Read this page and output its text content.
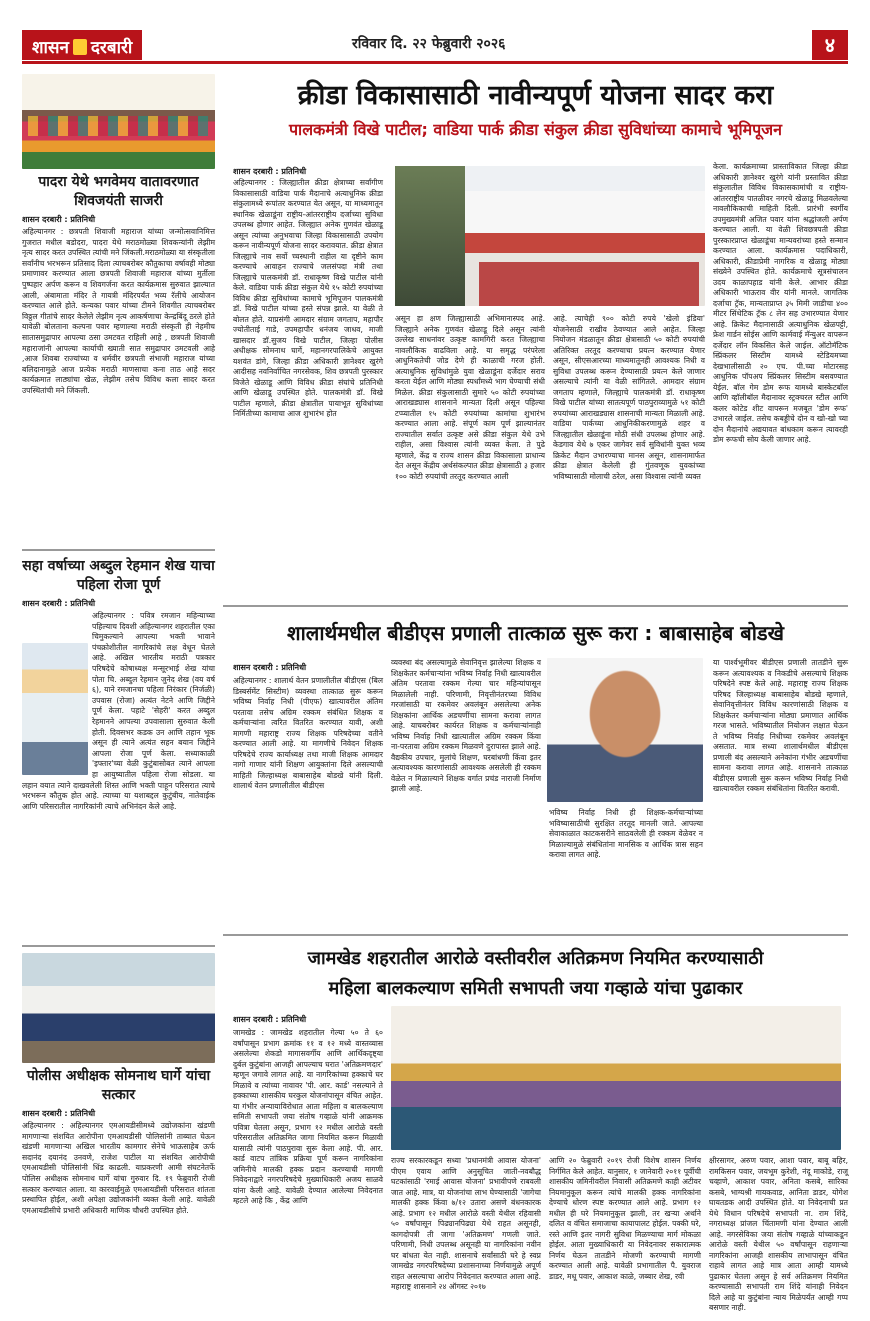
शासन दरबारी	रविवार दि. २२ फेब्रुवारी २०२६	४
पादरा येथे भगवेमय वातावरणात शिवजयंती साजरी
शासन दरबारी : प्रतिनिधी
अहिल्यानगर : छत्रपती शिवाजी महाराज यांच्या जन्मोत्सवानिमित्त गुजरात मधील बडोदरा, पादरा येथे मराठमोळ्या शिवकन्यांनी लेझीम नृत्य सादर करत उपस्थित त्यांची मने जिंकली.मराठमोळ्या या संस्कृतीला सर्वांनीच भरभरून प्रतिसाद दिला त्याचबरोबर कौतुकाचा वर्षावही मोठ्या प्रमाणावर करण्यात आला छत्रपती शिवाजी महाराज यांच्या मुर्तीला पुष्पहार अर्पण करून व शिवगर्जना करत कार्यक्रमास सुरुवात झाल्यात आली, अंबामाता मंदिर ते गायत्री मंदिरपर्यंत भव्य रॅलीचे आयोजन करण्यात आले होते. कन्यका पवार यांच्या टीमने शिवगीत त्याचबरोबर विठ्ठल गीतांचे सादर केलेले लेझीम नृत्य आकर्षणाचा केन्द्रबिंदू ठरले होते यावेळी बोलताना कल्पना पवार म्हणाल्या मराठी संस्कृती ही नेहमीच सातासमुद्रापार आपल्या ठसा उमटवत राहिली आहे , छत्रपती शिवाजी महाराजांनी आपल्या कार्याची ख्याती सात समुद्रापार उमटवली आहे ,आज शिवबा राज्यांच्या व धर्मवीर छत्रपती संभाजी महाराज यांच्या बलिदानामुळे आज प्रत्येक मराठी माणसाचा कना ताठ आहे सदर कार्यक्रमात लाठ्यांचा खेळ, लेझीम तसेच विविध कला सादर करत उपस्थितांची मने जिंकली.
सहा वर्षाच्या अब्दुल रेहमान शेख याचा पहिला रोजा पूर्ण
शासन दरबारी : प्रतिनिधी
अहिल्यानगर : पवित्र रमजान महिन्याच्या पहिल्याच दिवशी अहिल्यानगर शहरातील एका चिमुकल्याने आपल्या भक्ती भावाने पंचक्रोशीतील नागरिकांचे लक्ष वेधून घेतले आहे. अखिल भारतीय मराठी पत्रकार परिषदेचे कोषाध्यक्ष मन्सूरभाई शेख यांचा पोता चि. अब्दुल रेहमान जुनेद शेख (वय वर्ष ६), याने रमजानचा पहिला निरंकार (निर्जळी) उपवास (रोजा) अत्यंत नेटने आणि जिद्दीने पूर्ण केला. पहाटे 'सेहरी' करत अब्दुल रेहमानने आपल्या उपवासाला सुरुवात केली होती. दिवसभर कडक उन आणि तहान भूक असून ही त्याने अत्यंत सहन बयान जिद्दीने आपला रोजा पूर्ण केला. सध्याकाळी 'इफ्तार'च्या वेळी कुटुंबासोबत त्याने आपला हा आयुष्यातील पहिला रोजा सोडला. या लहान वयात त्याने दाखवलेली शिस्त आणि भक्ती पाहून परिसरात त्याचे भरभरून कौतुक होत आहे. त्याच्या या यशाबद्दल कुटुंबीय, नातेवाईक आणि परिसरातील नागरिकांनी त्याचे अभिनंदन केले आहे.
पोलीस अधीक्षक सोमनाथ घार्गे यांचा सत्कार
शासन दरबारी : प्रतिनिधी
अहिल्यानगर : अहिल्यानगर एमआयडीसीमध्ये उद्योजकांना खंडणी मागणाऱ्या संशयित आरोपीना एमआयडीसी पोलिसांनी ताब्यात घेऊन खंडणी मागणाऱ्या अखिल भारतीय कामगार सेनेचे भाऊसाहेब ऊर्फ सदानंद दयानंद उनवणे, राजेश पाटील या संशयित आरोपीची एमआयडीसी पोलिसांनी धिंड काढली. याप्रकरणी आमी संघटनेतर्फे पोलिस अधीक्षक सोमनाथ घार्गे यांचा गुरुवार दि. १९ फेब्रुवारी रोजी सत्कार करण्यात आला. या कारवाईमुळे एमआयडीसी परिसरात शांतता प्रस्थापित होईल, अशी अपेक्षा उद्योजकांनी व्यक्त केली आहे. यावेळी एमआयडीसीचे प्रभारी अधिकारी माणिक चौधरी उपस्थित होते.
क्रीडा विकासासाठी नावीन्यपूर्ण योजना सादर करा
पालकमंत्री विखे पाटील; वाडिया पार्क क्रीडा संकुल क्रीडा सुविधांच्या कामाचे भूमिपूजन
शासन दरबारी : प्रतिनिधी
अहिल्यानगर : जिल्ह्यातील क्रीडा क्षेत्राच्या सर्वांगीण विकासासाठी वाडिया पार्क मैदानाचे अत्याधुनिक क्रीडा संकुलामध्ये रूपांतर करण्यात येत असून, या माध्यमातून स्थानिक खेळाडूंना राष्ट्रीय-आंतरराष्ट्रीय दर्जाच्या सुविधा उपलब्ध होणार आहेत. जिल्ह्यात अनेक गुणवंत खेळाडू असून त्यांच्या अनुभवाचा जिल्हा विकासासाठी उपयोग करून नावीन्यपूर्ण योजना सादर करावयात. क्रीडा क्षेत्रात जिल्ह्याचे नाव सर्वो च्चस्थानी राहील या दृष्टीने काम करण्याचे आवाहन राज्याचे जलसंपदा मंत्री तथा जिल्ह्याचे पालकमंत्री डॉ. राधाकृष्ण विखे पाटील यांनी केले. वाडिया पार्क क्रीडा संकुल येथे १५ कोटी रुपयांच्या विविध क्रीडा सुविधांच्या कामाचे भूमिपूजन पालकमंत्री डॉ. विखे पाटील यांच्या हस्ते संपन्न झाले. या वेळी ते बोलत होते. याप्रसंगी आमदार संग्राम जगताप, महापौर ज्योतीताई गाडे, उपमहापौर धनंजय जाधव, माजी खासदार डॉ.सुजय विखे पाटील, जिल्हा पोलीस अधीक्षक सोमनाथ घार्गे, महानगरपालिकेचे आयुक्त यशवंत डांगे, जिल्हा क्रीडा अधिकारी ज्ञानेश्वर खुरंगे आदीसह नवनिर्वाचित नगरसेवक, शिव छत्रपती पुरस्कार विजेते खेळाडू आणि विविध क्रीडा संघांचे प्रतिनिधी आणि खेळाडू उपस्थित होते. पालकमंत्री डॉ. विखे पाटील म्हणाले, क्रीडा क्षेत्रातील पायाभूत सुविधांच्या निर्मितीच्या कामाचा आज शुभारंभ होत
असून हा क्षण जिल्ह्यासाठी अभिमानास्पद आहे. जिल्ह्याने अनेक गुणवंत खेळाडू दिले असून त्यांनी उल्लेख साधनांवर उत्कृष्ट कामगिरी करत जिल्ह्याचा नावलौकिक वाढविला आहे. या समृद्ध परंपरेला आधुनिकतेची जोड देणे ही काळाची गरज होती. अत्याधुनिक सुविधांमुळे युवा खेळाडूंना दर्जेदार सराव करता येईल आणि मोठ्या स्पर्धांमध्ये भाग घेण्याची संधी मिळेल. क्रीडा संकुलासाठी सुमारे ५० कोटी रुपयांच्या आराखड्यास शासनाने मान्यता दिली असून पहिल्या टप्प्यातील १५ कोटी रुपयांच्या कामांचा शुभारंभ करण्यात आला आहे. संपूर्ण काम पूर्ण झाल्यानंतर राज्यातील सर्वात उत्कृष्ट असे क्रीडा संकुल येथे उभे राहील, असा विश्वास त्यांनी व्यक्त केला. ते पुढे म्हणाले, केंद्र व राज्य शासन क्रीडा विकासाला प्राधान्य देत असून केंद्रीय अर्थसंकल्पात क्रीडा क्षेत्रासाठी ३ हजार १०० कोटी रुपयांची तरतूद करण्यात आली
आहे. त्याचेही ९०० कोटी रुपये 'खेलो इंडिया' योजनेसाठी राखीव ठेवण्यात आले आहेत. जिल्हा नियोजन मंडळातून क्रीडा क्षेत्रासाठी ५० कोटी रुपयांची अतिरिक्त तरतूद करण्याचा प्रयत्न करण्यात येणार असून, सीएसआरच्या माध्यमातूनही आवश्यक निधी व सुविधा उपलब्ध करून देण्यासाठी प्रयत्न केले जाणार असल्याचे त्यांनी या वेळी सांगितले. आमदार संग्राम जगताप म्हणाले, जिल्ह्याचे पालकमंत्री डॉ. राधाकृष्ण विखे पाटील यांच्या सातत्यपूर्ण पाठपुराव्यामुळे ५१ कोटी रुपयांच्या आराखड्यास शासनाची मान्यता मिळाली आहे. वाडिया पार्कच्या आधुनिकीकरणामुळे शहर व जिल्ह्यातील खेळाडूंना मोठी संधी उपलब्ध होणार आहे. केडगाव येथे ७ एकर जागेवर सर्व सुविधांनी युक्त भव्य क्रिकेट मैदान उभारण्याचा मानस असून, शासनामार्फत क्रीडा क्षेत्रात केलेली ही गुंतवणूक युवकांच्या भविष्यासाठी मोलाची ठरेल, असा विश्वास त्यांनी व्यक्त
केला. कार्यक्रमाच्या प्रास्ताविकात जिल्हा क्रीडा अधिकारी ज्ञानेश्वर खुरंगे यांनी प्रस्तावित क्रीडा संकुलातील विविध विकासकामांची व राष्ट्रीय-आंतरराष्ट्रीय पातळीवर नगरचे खेळाडू मिळवलेल्या नावलौकिकाची माहिती दिली. प्रारंभी स्वर्गीय उपमुख्यमंत्री अजित पवार यांना श्रद्धांजली अर्पण करण्यात आली. या वेळी शिवछत्रपती क्रीडा पुरस्कारप्राप्त खेळाडूंचा मान्यवरांच्या हस्ते सन्मान करण्यात आला. कार्यक्रमास पदाधिकारी, अधिकारी, क्रीडाप्रेमी नागरिक व खेळाडू मोठ्या संख्येने उपस्थित होते. कार्यक्रमाचे सूत्रसंचालन उदय काळापहाड यांनी केले. आभार क्रीडा अधिकारी भाऊराव वीर यांनी मानले. जागतिक दर्जाचा ट्रॅक, मान्यताप्राप्त ३५ मिमी जाडीचा ४०० मीटर सिंथेटिक ट्रॅक ८ लेन सह उभारण्यात येणार आहे. क्रिकेट मैदानासाठी अत्याधुनिक खेळपट्टी, फ्रेश गार्डन सोईस आणि कार्मवाई मॅन्युअर वापरून दर्जेदार लॉन विकसित केले जाईल. ऑटोमॅटिक स्प्रिंकलर सिस्टीम यामध्ये स्टेडियमच्या देखभालीसाठी २० एच. पी.च्या मोटारसह आधुनिक पॉपअप स्प्रिंकलर सिस्टीम बसवण्यात येईल. बॉल गेम डोम रूफ यामध्ये बास्केटबॉल आणि व्हॉलीबॉल मैदानावर स्ट्रक्चरल स्टील आणि कलर कोटेड शीट वापरून मजबूत 'डोम रूफ' उभारले जाईल. तसेच कबड्डीचे दोन व खो-खो च्या दोन मैदानांचे अद्ययावत बांधकाम करून त्यावरही डोम रूफची सोय केली जाणार आहे.
शालार्थमधील बीडीएस प्रणाली तात्काळ सुरू करा : बाबासाहेब बोडखे
शासन दरबारी : प्रतिनिधी
अहिल्यानगर : शालार्थ वेतन प्रणालीतील बीडीएस (बिल डिस्बर्समेंट सिस्टीम) व्यवस्था तात्काळ सुरू करून भविष्य निर्वाह निधी (पीएफ) खात्यावरील अंतिम परतावा तसेच अग्रिम रक्कम संबंधित शिक्षक व कर्मचाऱ्यांना त्वरित वितरित करण्यात यावी, अशी मागणी महाराष्ट्र राज्य शिक्षक परिषदेच्या वतीने करण्यात आली आहे. या मागणीचे निवेदन शिक्षक परिषदेचे राज्य कार्याध्यक्ष तथा माजी शिक्षक आमदार नागो गाणार यांनी शिक्षण आयुक्तांना दिले असल्याची माहिती जिल्हाध्यक्ष बाबासाहेब बोडखे यांनी दिली. शालार्थ वेतन प्रणालीतील बीडीएस
व्यवस्था बंद असल्यामुळे सेवानिवृत्त झालेल्या शिक्षक व शिक्षकेतर कर्मचाऱ्यांना भविष्य निर्वाह निधी खात्यावरील अंतिम परतावा रक्कम गेल्या चार महिन्यांपासून मिळालेली नाही. परिणामी, निवृत्तीनंतरच्या विविध गरजांसाठी या रकमेवर अवलंबून असलेल्या अनेक शिक्षकांना आर्थिक अडचणींचा सामना करावा लागत आहे. याचबरोबर कार्यरत शिक्षक व कर्मचाऱ्यांनाही भविष्य निर्वाह निधी खात्यातील अग्रिम रक्कम किंवा ना-परतावा अग्रिम रक्कम मिळवणे दुरापास्त झाले आहे. वैद्यकीय उपचार, मुलांचे शिक्षण, घरबांधणी किंवा इतर अत्यावश्यक कारणांसाठी आवश्यक असलेली ही रक्कम वेळेत न मिळाल्याने शिक्षक वर्गात प्रचंड नाराजी निर्माण झाली आहे.
भविष्य निर्वाह निधी ही शिक्षक-कर्मचाऱ्यांच्या भविष्यासाठीची सुरक्षित तरतूद मानली जाते. आपल्या सेवाकाळात काटकसरीने साठवलेली ही रक्कम वेळेवर न मिळाल्यामुळे संबंधितांना मानसिक व आर्थिक त्रास सहन करावा लागत आहे.
या पार्श्वभूमीवर बीडीएस प्रणाली तातडीने सुरू करून अत्यावश्यक व निकडीचे असल्याचे शिक्षक परिषदेने स्पष्ट केले आहे. महाराष्ट्र राज्य शिक्षक परिषद जिल्हाध्यक्ष बाबासाहेब बोडखे म्हणाले, सेवानिवृत्तीनंतर विविध कारणांसाठी शिक्षक व शिक्षकेतर कर्मचाऱ्यांना मोठ्या प्रमाणात आर्थिक गरज भासते. भविष्यातील नियोजन लक्षात घेऊन ते भविष्य निर्वाह निधीच्या रकमेवर अवलंबून असतात. मात्र सध्या शालार्थमधील बीडीएस प्रणाली बंद असल्याने अनेकांना गंभीर अडचणींचा सामना करावा लागत आहे. शासनाने तात्काळ बीडीएस प्रणाली सुरू करून भविष्य निर्वाह निधी खात्यावरील रक्कम संबंधितांना वितरित करावी.
जामखेड शहरातील आरोळे वस्तीवरील अतिक्रमण नियमित करण्यासाठी
महिला बालकल्याण समिती सभापती जया गव्हाळे यांचा पुढाकार
शासन दरबारी : प्रतिनिधी
जामखेड : जामखेड शहरातील गेल्या ५० ते ६० वर्षांपासून प्रभाग क्रमांक ११ व १२ मध्ये वास्तव्यास असलेल्या शेकडो मागासवर्गीय आणि आर्थिकदृष्ट्या दुर्बल कुटुंबांना आजही आपल्याच घरात 'अतिक्रमणदार' म्हणून जगावे लागत आहे. या नागरिकांच्या हक्काचे घर मिळावे व त्यांच्या नावावर 'पी. आर. कार्ड' नसल्याने ते हक्काच्या शासकीय घरकुल योजनांपासून वंचित आहेत. या गंभीर अन्यायाविरोधात आता महिला व बालकल्याण समिती सभापती जया संतोष गव्हाळे यांनी आक्रमक पवित्रा घेतला असून, प्रभाग १२ मधील आरोळे वस्ती परिसरातील अतिक्रमित जागा नियमित करून मिळावी यासाठी त्यांनी पाठपुरावा सुरू केला आहे. पी. आर. कार्ड वाटप तांत्रिक प्रक्रिया पूर्ण करून नागरिकांना जमिनीचे मालकी हक्क प्रदान करण्याची मागणी निवेदनाद्वारे नगरपरिषदेचे मुख्याधिकारी अजय साळवे यांना केली आहे. यावेळी देण्यात आलेल्या निवेदनात म्हटले आहे कि , केंद्र आणि
राज्य सरकारकडून सध्या 'प्रधानमंत्री आवास योजना' पीएम एवाय आणि अनुसूचित जाती-नवबौद्ध घटकांसाठी 'रमाई आवास योजना' प्रभावीपणे राबवली जात आहे. मात्र, या योजनांचा लाभ घेण्यासाठी 'जागेचा मालकी हक्क किंवा ७/१२ उतारा असणे बंधनकारक आहे. प्रभाग १२ मधील आरोळे वस्ती येथील रहिवासी ५० वर्षांपासून पिढ्यानपिढ्या येथे राहत असूनही, कागदोपत्री ती जागा 'अतिक्रमण' गणली जाते. परिणामी, निधी उपलब्ध असूनही या नागरिकांना नवीन घर बांधता येत नाही. शासनाचे सर्वांसाठी घरे हे स्वप्न जामखेड नगरपरिषदेच्या प्रशासनाच्या निर्णयामुळे अपूर्ण राहत असल्याचा आरोप निवेदनात करण्यात आला आहे. महाराष्ट्र शासनाने २४ ऑगस्ट २०१७
आणि २० फेब्रुवारी २०१९ रोजी विशेष शासन निर्णय निर्गमित केले आहेत. यानुसार, १ जानेवारी २०११ पूर्वीची शासकीय जमिनीवरील निवासी अतिक्रमणे काही अटीवर नियमानुकूल करून त्यांचे मालकी हक्क नागरिकांना देण्याचे धोरण स्पष्ट करण्यात आले आहे. प्रभाग १२ मधील ही घरे नियमानुकूल झाली, तर खऱ्या अर्थाने दलित व वंचित समाजाचा कायापालट होईल. पक्की घरे, रस्ते आणि इतर नागरी सुविधा मिळण्याचा मार्ग मोकळा होईल. आता मुख्याधिकारी या निवेदनावर सकारात्मक निर्णय घेऊन तातडीने मोजणी करण्याची मागणी करण्यात आली आहे. यावेळी प्रभागातील पै. युवराज डाडर, मधू पवार, आकाश काळे, जब्बार शेख, रवी
क्षीरसागर, अरुण पवार, आशा पवार, बाबू बहिर, रामकिसन पवार, जयभूम कुरेशी, नंदू माकोडे, राजू चव्हाणे, आकाश पवार, अनिता कसबे, सारिका कसबे, भाग्यश्री गायकवाड, आनिता डाडर, योगेश घायतडक आदी उपस्थित होते. या निवेदनाची प्रत येथे विधान परिषदेचे सभापती ना. राम शिंदे, नगराध्यक्ष प्रांजल चिंतामणी यांना देण्यात आली आहे. नगरसेविका जया संतोष गव्हाळे यांच्याकडून आरोळे वस्ती येथील ५० वर्षांपासून राहणाऱ्या नागरिकांना आजही शासकीय लाभापासून वंचित राहावे लागत आहे मात्र आता आम्ही यामध्ये पुढाकार घेतला असून हे सर्व अतिक्रमण नियमित करण्यासाठी सभापती राम शिंदे यांनाही निवेदन दिले आहे या कुटुंबांना न्याय मिळेपर्यंत आम्ही गप्प बसणार नाही.
